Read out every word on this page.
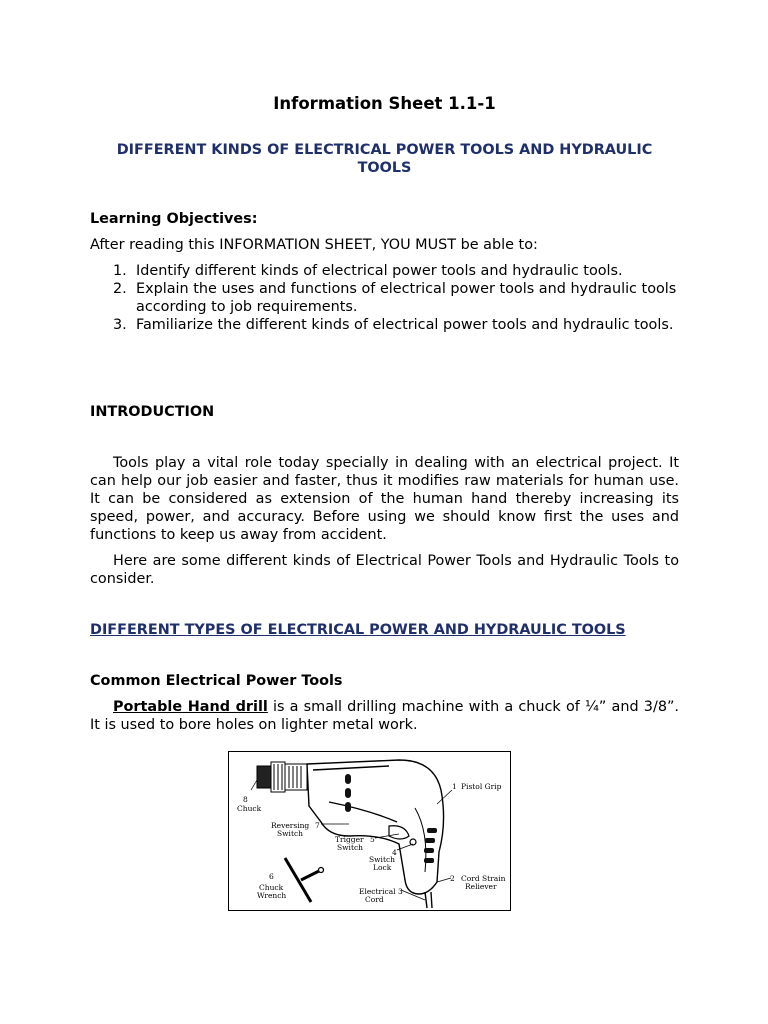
Information Sheet 1.1-1
DIFFERENT KINDS OF ELECTRICAL POWER TOOLS AND HYDRAULIC TOOLS
Learning Objectives:
After reading this INFORMATION SHEET, YOU MUST be able to:
1. Identify different kinds of electrical power tools and hydraulic tools.
2. Explain the uses and functions of electrical power tools and hydraulic tools according to job requirements.
3. Familiarize the different kinds of electrical power tools and hydraulic tools.
INTRODUCTION
Tools play a vital role today specially in dealing with an electrical project. It can help our job easier and faster, thus it modifies raw materials for human use. It can be considered as extension of the human hand thereby increasing its speed, power, and accuracy. Before using we should know first the uses and functions to keep us away from accident.
Here are some different kinds of Electrical Power Tools and Hydraulic Tools to consider.
DIFFERENT TYPES OF ELECTRICAL POWER AND HYDRAULIC TOOLS
Common Electrical Power Tools
Portable Hand drill is a small drilling machine with a chuck of ¼” and 3/8”. It is used to bore holes on lighter metal work.
1 Pistol Grip
2 Cord Strain
Reliever
3
Electrical
Cord
4
Switch
Lock
5
Trigger
Switch
6
Chuck
Wrench
7
Reversing
Switch
8
Chuck
